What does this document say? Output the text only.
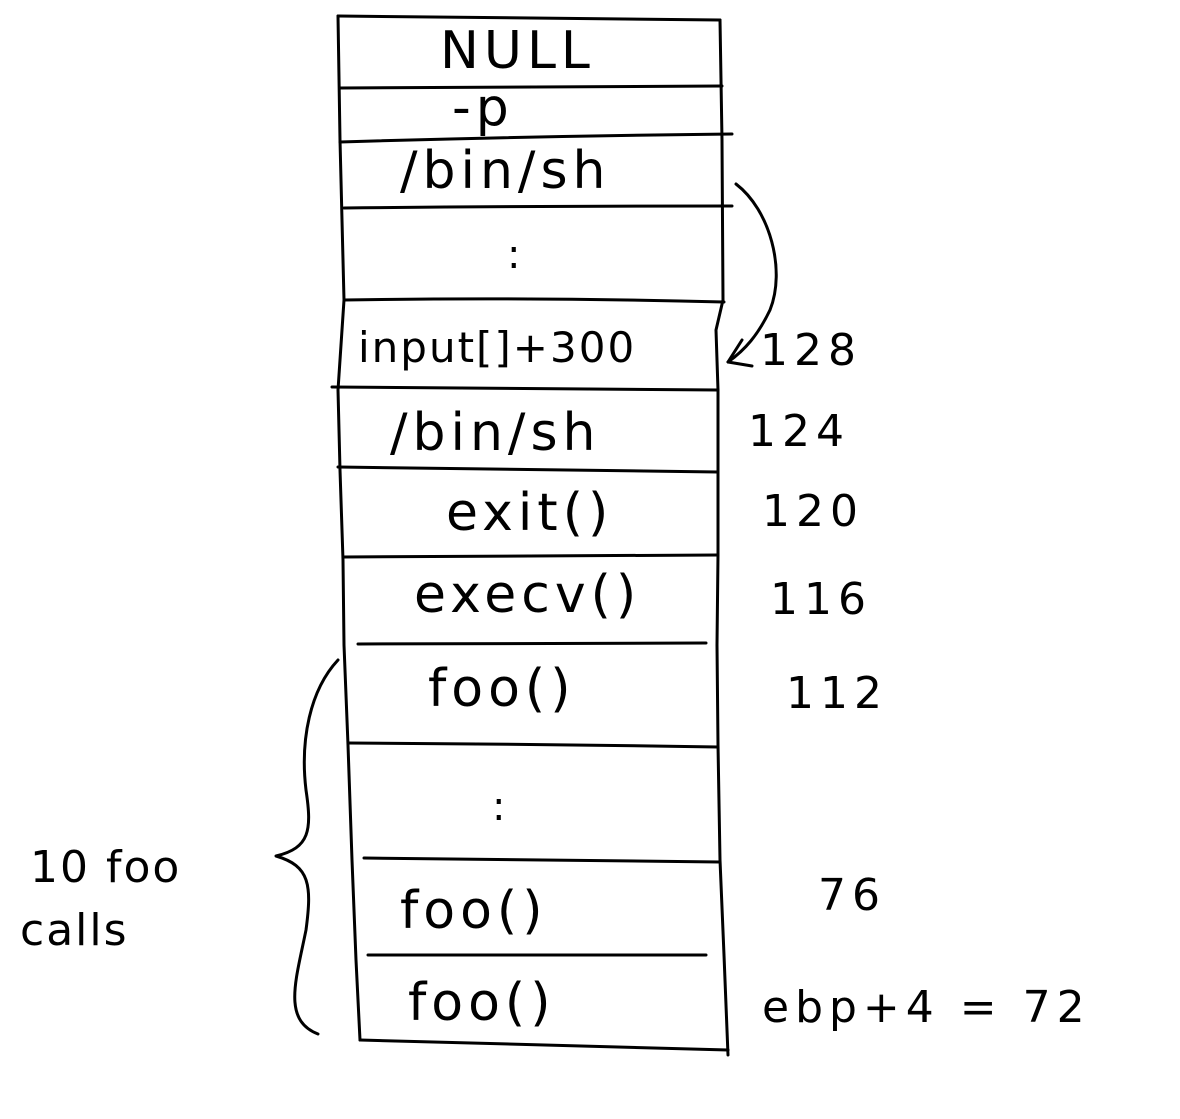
NULL
-p
/bin/sh
:
input[]+300
/bin/sh
exit()
execv()
foo()
:
foo()
foo()
128
124
120
116
112
76
ebp+4 = 72
10 foo
calls
